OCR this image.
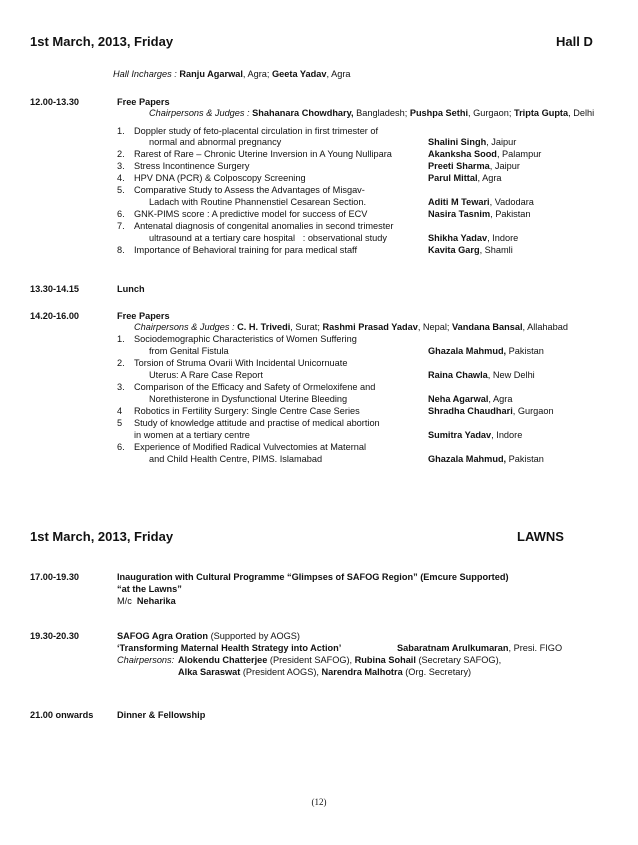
1st March, 2013, Friday	Hall D
Hall Incharges : Ranju Agarwal, Agra; Geeta Yadav, Agra
12.00-13.30	Free Papers
Chairpersons & Judges : Shahanara Chowdhary, Bangladesh; Pushpa Sethi, Gurgaon; Tripta Gupta, Delhi
1. Doppler study of feto-placental circulation in first trimester of
normal and abnormal pregnancy	Shalini Singh, Jaipur
2. Rarest of Rare – Chronic Uterine Inversion in A Young Nullipara	Akanksha Sood, Palampur
3. Stress Incontinence Surgery	Preeti Sharma, Jaipur
4. HPV DNA (PCR) & Colposcopy Screening	Parul Mittal, Agra
5. Comparative Study to Assess the Advantages of Misgav-
Ladach with Routine Phannenstiel Cesarean Section.	Aditi M Tewari, Vadodara
6. GNK-PIMS score : A predictive model for success of ECV	Nasira Tasnim, Pakistan
7. Antenatal diagnosis of congenital anomalies in second trimester
ultrasound at a tertiary care hospital   : observational study	Shikha Yadav, Indore
8. Importance of Behavioral training for para medical staff	Kavita Garg, Shamli
13.30-14.15	Lunch
14.20-16.00	Free Papers
Chairpersons & Judges : C. H. Trivedi, Surat; Rashmi Prasad Yadav, Nepal; Vandana Bansal, Allahabad
1. Sociodemographic Characteristics of Women Suffering
from Genital Fistula	Ghazala Mahmud, Pakistan
2. Torsion of Struma Ovarii With Incidental Unicornuate
Uterus: A Rare Case Report	Raina Chawla, New Delhi
3. Comparison of the Efficacy and Safety of Ormeloxifene and
Norethisterone in Dysfunctional Uterine Bleeding	Neha Agarwal, Agra
4 Robotics in Fertility Surgery: Single Centre Case Series	Shradha Chaudhari, Gurgaon
5 Study of knowledge attitude and practise of medical abortion
in women at a tertiary centre	Sumitra Yadav, Indore
6. Experience of Modified Radical Vulvectomies at Maternal
and Child Health Centre, PIMS. Islamabad	Ghazala Mahmud, Pakistan
1st March, 2013, Friday	LAWNS
17.00-19.30	Inauguration with Cultural Programme “Glimpses of SAFOG Region” (Emcure Supported)
“at the Lawns”
M/c Neharika
19.30-20.30	SAFOG Agra Oration (Supported by AOGS)
‘Transforming Maternal Health Strategy into Action’	Sabaratnam Arulkumaran, Presi. FIGO
Chairpersons: Alokendu Chatterjee (President SAFOG), Rubina Sohail (Secretary SAFOG),
Alka Saraswat (President AOGS), Narendra Malhotra (Org. Secretary)
21.00 onwards	Dinner & Fellowship
(12)
